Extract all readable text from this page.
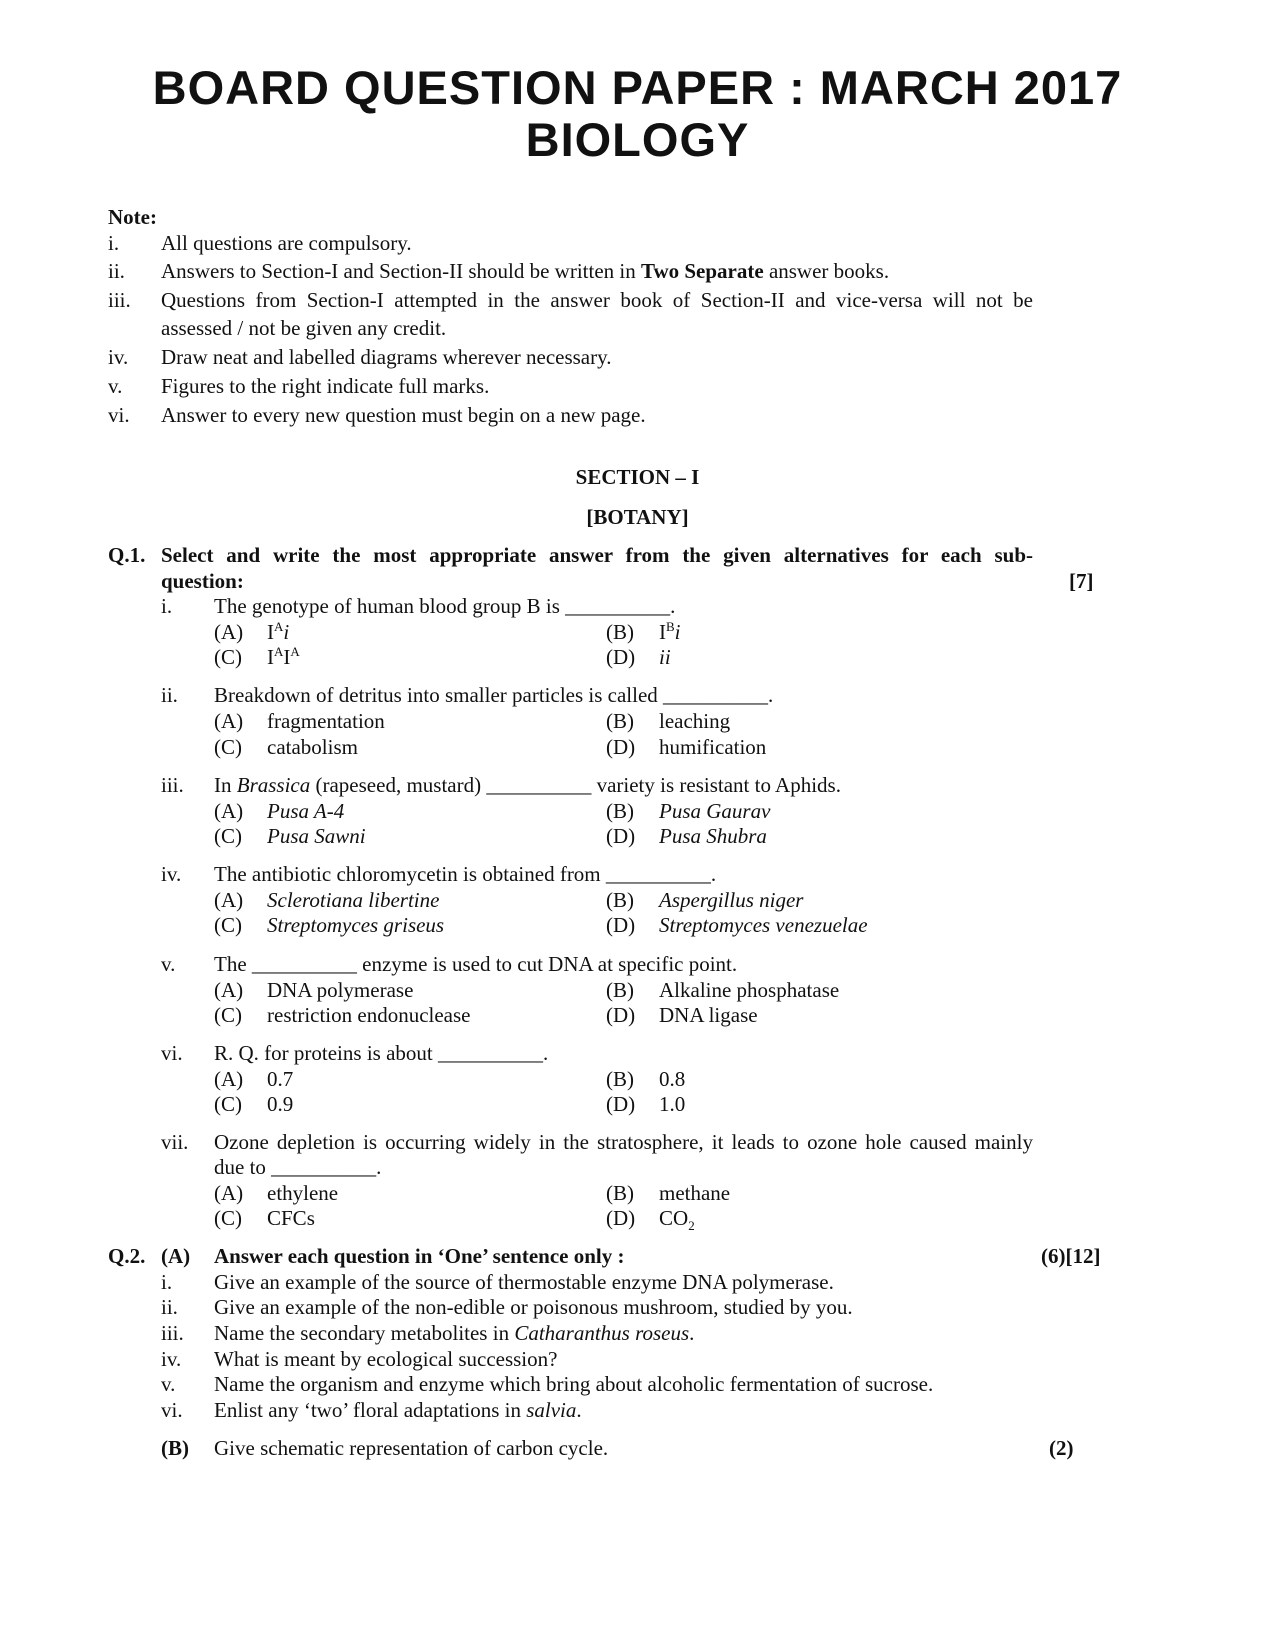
BOARD QUESTION PAPER : MARCH 2017
BIOLOGY
Note:
i. All questions are compulsory.
ii. Answers to Section-I and Section-II should be written in Two Separate answer books.
iii. Questions from Section-I attempted in the answer book of Section-II and vice-versa will not be
assessed / not be given any credit.
iv. Draw neat and labelled diagrams wherever necessary.
v. Figures to the right indicate full marks.
vi. Answer to every new question must begin on a new page.
SECTION – I
[BOTANY]
Q.1. Select and write the most appropriate answer from the given alternatives for each sub-
question:	[7]
i. The genotype of human blood group B is __________.
(A) $I^Ai$	(B) $I^Bi$
(C) $I^AI^A$	(D) ii
ii. Breakdown of detritus into smaller particles is called __________.
(A) fragmentation	(B) leaching
(C) catabolism	(D) humification
iii. In Brassica (rapeseed, mustard) __________ variety is resistant to Aphids.
(A) Pusa A-4	(B) Pusa Gaurav
(C) Pusa Sawni	(D) Pusa Shubra
iv. The antibiotic chloromycetin is obtained from __________.
(A) Sclerotiana libertine	(B) Aspergillus niger
(C) Streptomyces griseus	(D) Streptomyces venezuelae
v. The __________ enzyme is used to cut DNA at specific point.
(A) DNA polymerase	(B) Alkaline phosphatase
(C) restriction endonuclease	(D) DNA ligase
vi. R. Q. for proteins is about __________.
(A) 0.7	(B) 0.8
(C) 0.9	(D) 1.0
vii. Ozone depletion is occurring widely in the stratosphere, it leads to ozone hole caused mainly
due to __________.
(A) ethylene	(B) methane
(C) CFCs	(D) $CO_2$
Q.2. (A) Answer each question in ‘One’ sentence only :	(6)[12]
i. Give an example of the source of thermostable enzyme DNA polymerase.
ii. Give an example of the non-edible or poisonous mushroom, studied by you.
iii. Name the secondary metabolites in Catharanthus roseus.
iv. What is meant by ecological succession?
v. Name the organism and enzyme which bring about alcoholic fermentation of sucrose.
vi. Enlist any ‘two’ floral adaptations in salvia.
(B) Give schematic representation of carbon cycle.	(2)
